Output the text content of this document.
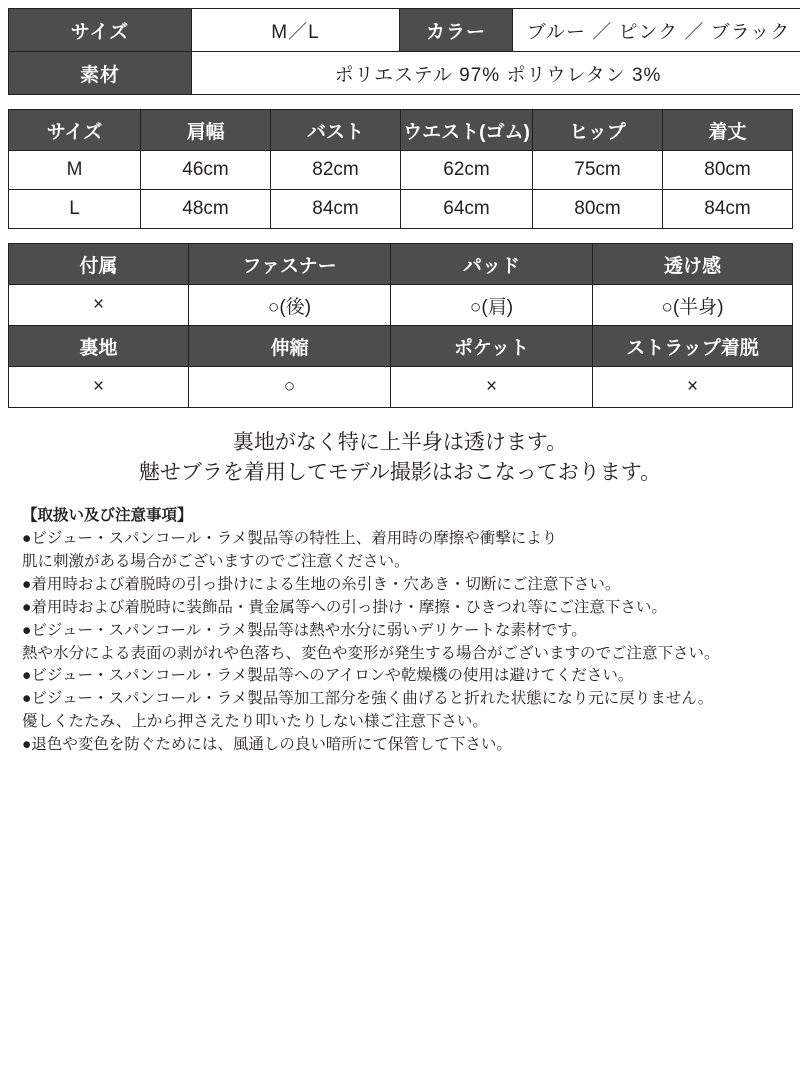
サイズ	M／L	カラー	ブルー ／ ピンク ／ ブラック
素材	ポリエステル 97% ポリウレタン 3%		
サイズ	肩幅	バスト	ウエスト(ゴム)	ヒップ	着丈
M	46cm	82cm	62cm	75cm	80cm
L	48cm	84cm	64cm	80cm	84cm
付属	ファスナー	パッド	透け感
×	○(後)	○(肩)	○(半身)
裏地	伸縮	ポケット	ストラップ着脱
×	○	×	×
裏地がなく特に上半身は透けます。
魅せブラを着用してモデル撮影はおこなっております。

【取扱い及び注意事項】

●ビジュー・スパンコール・ラメ製品等の特性上、着用時の摩擦や衝撃により

肌に刺激がある場合がございますのでご注意ください。

●着用時および着脱時の引っ掛けによる生地の糸引き・穴あき・切断にご注意下さい。

●着用時および着脱時に装飾品・貴金属等への引っ掛け・摩擦・ひきつれ等にご注意下さい。

●ビジュー・スパンコール・ラメ製品等は熱や水分に弱いデリケートな素材です。

熱や水分による表面の剥がれや色落ち、変色や変形が発生する場合がございますのでご注意下さい。

●ビジュー・スパンコール・ラメ製品等へのアイロンや乾燥機の使用は避けてください。

●ビジュー・スパンコール・ラメ製品等加工部分を強く曲げると折れた状態になり元に戻りません。

優しくたたみ、上から押さえたり叩いたりしない様ご注意下さい。

●退色や変色を防ぐためには、風通しの良い暗所にて保管して下さい。
